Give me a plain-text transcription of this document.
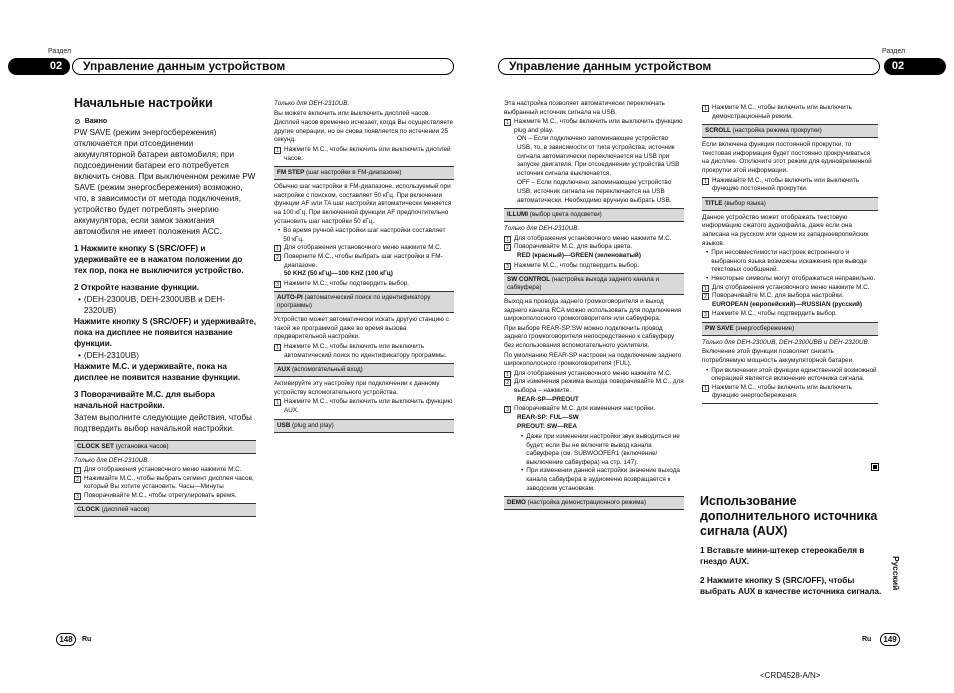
Раздел
02	Управление данным устройством
Раздел
Управление данным устройством	02
Начальные настройки
⊘ Важно

PW SAVE (режим энергосбережения) отключается при отсоединении аккумуляторной батареи автомобиля; при подсоединении батареи его потребуется включить снова. При выключенном режиме PW SAVE (режим энергосбережения) возможно, что, в зависимости от метода подключения, устройство будет потреблять энергию аккумулятора, если замок зажигания автомобиля не имеет положения ACC.

1 Нажмите кнопку S (SRC/OFF) и удерживайте ее в нажатом положении до тех пор, пока не выключится устройство.

2 Откройте название функции.

• (DEH-2300UB, DEH-2300UBB и DEH-2320UB)

Нажмите кнопку S (SRC/OFF) и удерживайте, пока на дисплее не появится название функции.

• (DEH-2310UB)

Нажмите M.C. и удерживайте, пока на дисплее не появится название функции.

3 Поворачивайте M.C. для выбора начальной настройки.

Затем выполните следующие действия, чтобы подтвердить выбор начальной настройки.

CLOCK SET (установка часов)

Только для DEH-2310UB.

1 Для отображения установочного меню нажмите M.C.
2 Нажимайте M.C., чтобы выбрать сегмент дисплея часов, который Вы хотите установить. Часы—Минуты
3 Поворачивайте M.C., чтобы отрегулировать время.
CLOCK (дисплей часов)

Только для DEH-2310UB.

Вы можете включить или выключить дисплей часов.

Дисплей часов временно исчезает, когда Вы осуществляете другие операции, но он снова появляется по истечении 25 секунд.

1 Нажмите M.C., чтобы включить или выключить дисплей часов.
FM STEP (шаг настройки в FM-диапазоне)

Обычно шаг настройки в FM-диапазоне, используемый при настройке с поиском, составляет 50 кГц. При включении функции AF или TA шаг настройки автоматически меняется на 100 кГц. При включенной функции AF предпочтительно установить шаг настройки 50 кГц.

• Во время ручной настройки шаг настройки составляет 50 кГц.
1 Для отображения установочного меню нажмите M.C.
2 Поверните M.C., чтобы выбрать шаг настройки в FM-диапазоне.

50 KHZ (50 кГц)—100 KHZ (100 кГц)

3 Нажмите M.C., чтобы подтвердить выбор.
AUTO-PI (автоматический поиск по идентификатору программы)

Устройство может автоматически искать другую станцию с такой же программой даже во время вызова предварительной настройки.

1 Нажмите M.C., чтобы включить или выключить автоматический поиск по идентификатору программы.
AUX (вспомогательный вход)

Активируйте эту настройку при подключении к данному устройству вспомогательного устройства.

1 Нажмите M.C., чтобы включить или выключить функцию AUX.
USB (plug and play)

Эта настройка позволяет автоматически переключать выбранный источник сигнала на USB.

1 Нажмите M.C., чтобы включить или выключить функцию plug and play.

ON – Если подключено запоминающее устройство USB, то, в зависимости от типа устройства, источник сигнала автоматически переключается на USB при запуске двигателя. При отсоединении устройства USB источник сигнала выключается.

OFF – Если подключено запоминающее устройство USB, источник сигнала не переключается на USB автоматически. Необходимо вручную выбрать USB.

ILLUMI (выбор цвета подсветки)

Только для DEH-2310UB.

1 Для отображения установочного меню нажмите M.C.
2 Поворачивайте M.C. для выбора цвета.

RED (красный)—GREEN (зеленоватый)

3 Нажмите M.C., чтобы подтвердить выбор.
SW CONTROL (настройка выхода заднего канала и сабвуфера)

Выход на провода заднего громкоговорителя и выход заднего канала RCA можно использовать для подключения широкополосного громкоговорителя или сабвуфера.

При выборе REAR-SP:SW можно подключить провод заднего громкоговорителя непосредственно к сабвуферу без использования вспомогательного усилителя.

По умолчанию REAR-SP настроен на подключение заднего широкополосного громкоговорителя (FUL).

1 Для отображения установочного меню нажмите M.C.
2 Для изменения режима выхода поворачивайте M.C., для выбора – нажмите.

REAR-SP—PREOUT

3 Поворачивайте M.C. для изменения настройки.

REAR-SP: FUL—SW

PREOUT: SW—REA

• Даже при изменении настройки звук выводиться не будет, если Вы не включите вывод канала сабвуфера (см. SUBWOOFER1 (включение/выключение сабвуфера) на стр. 147).
• При изменении данной настройки значение выхода канала сабвуфера в аудиоменю возвращается к заводским установкам.
DEMO (настройка демонстрационного режима)
1 Нажмите M.C., чтобы включить или выключить демонстрационный режим.
SCROLL (настройка режима прокрутки)

Если включена функция постоянной прокрутки, то текстовая информация будет постоянно прокручиваться на дисплее. Отключите этот режим для единовременной прокрутки этой информации.

1 Нажимайте M.C., чтобы включить или выключить функцию постоянной прокрутки.
TITLE (выбор языка)

Данное устройство может отображать текстовую информацию сжатого аудиофайла, даже если она записана на русском или одном из западноевропейских языков.

• При несовместимости настроек встроенного и выбранного языка возможны искажения при выводе текстовых сообщений.
• Некоторые символы могут отображаться неправильно.
1 Для отображения установочного меню нажмите M.C.
2 Поворачивайте M.C. для выбора настройки.

EUROPEAN (европейский)—RUSSIAN (русский)

3 Нажмите M.C., чтобы подтвердить выбор.
PW SAVE (энергосбережение)

Только для DEH-2300UB, DEH-2300UBB и DEH-2320UB.

Включение этой функции позволяет снизить потребляемую мощность аккумуляторной батареи.

• При включении этой функции единственной возможной операцией является включение источника сигнала.
1 Нажмите M.C., чтобы включить или выключить функцию энергосбережения.
Использование дополнительного источника сигнала (AUX)

1 Вставьте мини-штекер стереокабеля в гнездо AUX.

2 Нажмите кнопку S (SRC/OFF), чтобы выбрать AUX в качестве источника сигнала.

Русский
148	Ru	Ru	149
<CRD4528-A/N>
